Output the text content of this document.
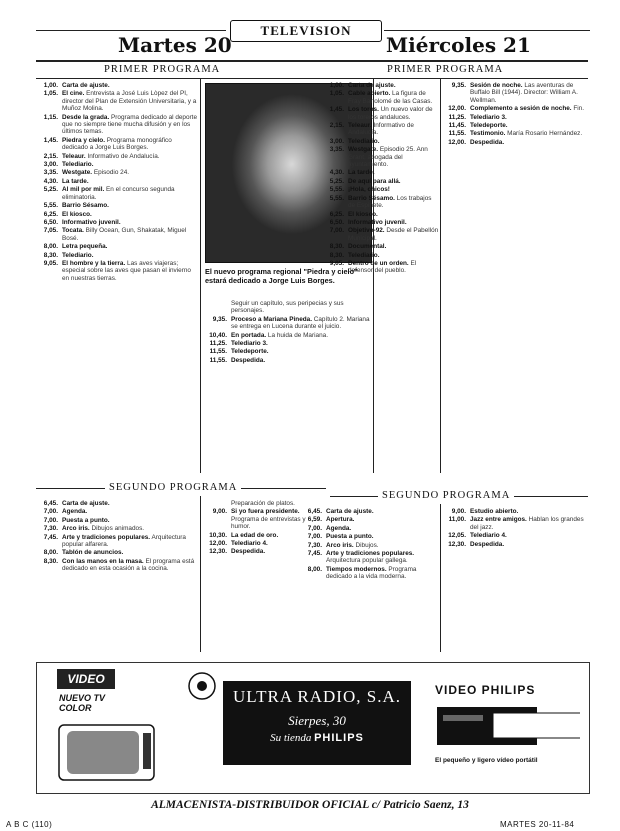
TELEVISION
Martes 20	Miércoles 21
PRIMER PROGRAMA	PRIMER PROGRAMA
1,00. Carta de ajuste.
1,05. El cine. Entrevista a José Luis Lòpez del PI, director del Plan de Extensión Universitaria, y a Muñoz Molina.
1,15. Desde la grada. Programa dedicado al deporte que no siempre tiene mucha difusión y en los últimos temas.
1,45. Piedra y cielo. Programa monográfico dedicado a Jorge Luis Borges.
2,15. Teleaur. Informativo de Andalucía.
3,00. Telediario.
3,35. Westgate. Episodio 24.
4,30. La tarde.
5,25. Al mil por mil. En el concurso segunda eliminatoria.
5,55. Barrio Sésamo.
6,25. El kiosco.
6,50. Informativo juvenil.
7,05. Tocata. Billy Ocean, Gun, Shakatak, Miguel Bosé.
8,00. Letra pequeña.
8,30. Telediario.
9,05. El hombre y la tierra. Las aves viajeras; especial sobre las aves que pasan el invierno en nuestras tierras.
El nuevo programa regional "Piedra y cielo" estará dedicado a Jorge Luis Borges.
Seguir un capítulo, sus peripecias y sus personajes.
9,35. Proceso a Mariana Pineda. Capítulo 2. Mariana se entrega en Lucena durante el juicio.
10,40. En portada. La huida de Mariana.
11,25. Telediario 3.
11,55. Teledeporte.
11,55. Despedida.
1,00. Carta de ajuste.
1,05. Cable abierto. La figura de Fray Bartolomé de las Casas.
1,45. Los toros. Un nuevo valor de los toreros andaluces.
2,15. Teleaur. Informativo de Andalucía.
3,00. Telediario.
3,35. Westgate. Episodio 25. Ann Grant, abogada del ayuntamiento.
4,30. La tarde.
5,25. De aquí para allá.
5,55. ¡Hola, chicos!
5,55. Barrio Sésamo. Los trabajos de Espinete.
6,25. El kiosco.
6,50. Informativo juvenil.
7,00. Objetivo-92. Desde el Pabellón Municipal.
8,30. Documental.
8,30. Telediario.
9,05. Dentro de un orden. El defensor del pueblo.
9,35. Sesión de noche. Las aventuras de Buffalo Bill (1944). Director: William A. Wellman.
12,00. Complemento a sesión de noche. Fin.
11,25. Telediario 3.
11,45. Teledeporte.
11,55. Testimonio. María Rosario Hernández.
12,00. Despedida.
SEGUNDO PROGRAMA
SEGUNDO PROGRAMA
6,45. Carta de ajuste.
7,00. Agenda.
7,00. Puesta a punto.
7,30. Arco iris. Dibujos animados.
7,45. Arte y tradiciones populares. Arquitectura popular alfarera.
8,00. Tablón de anuncios.
8,30. Con las manos en la masa. El programa está dedicado en esta ocasión a la cocina.
Preparación de platos.
9,00. Si yo fuera presidente. Programa de entrevistas y humor.
10,30. La edad de oro.
12,00. Telediario 4.
12,30. Despedida.
6,45. Carta de ajuste.
6,59. Apertura.
7,00. Agenda.
7,00. Puesta a punto.
7,30. Arco iris. Dibujos.
7,45. Arte y tradiciones populares. Arquitectura popular gallega.
8,00. Tiempos modernos. Programa dedicado a la vida moderna.
9,00. Estudio abierto.
11,00. Jazz entre amigos. Hablan los grandes del jazz.
12,05. Telediario 4.
12,30. Despedida.
VIDEO
NUEVO TV COLOR
ULTRA RADIO, S.A.
Sierpes, 30
Su tienda PHILIPS
VIDEO PHILIPS
El pequeño y ligero vídeo portátil
ALMACENISTA-DISTRIBUIDOR OFICIAL c/ Patricio Saenz, 13
A B C (110)	MARTES 20-11-84
